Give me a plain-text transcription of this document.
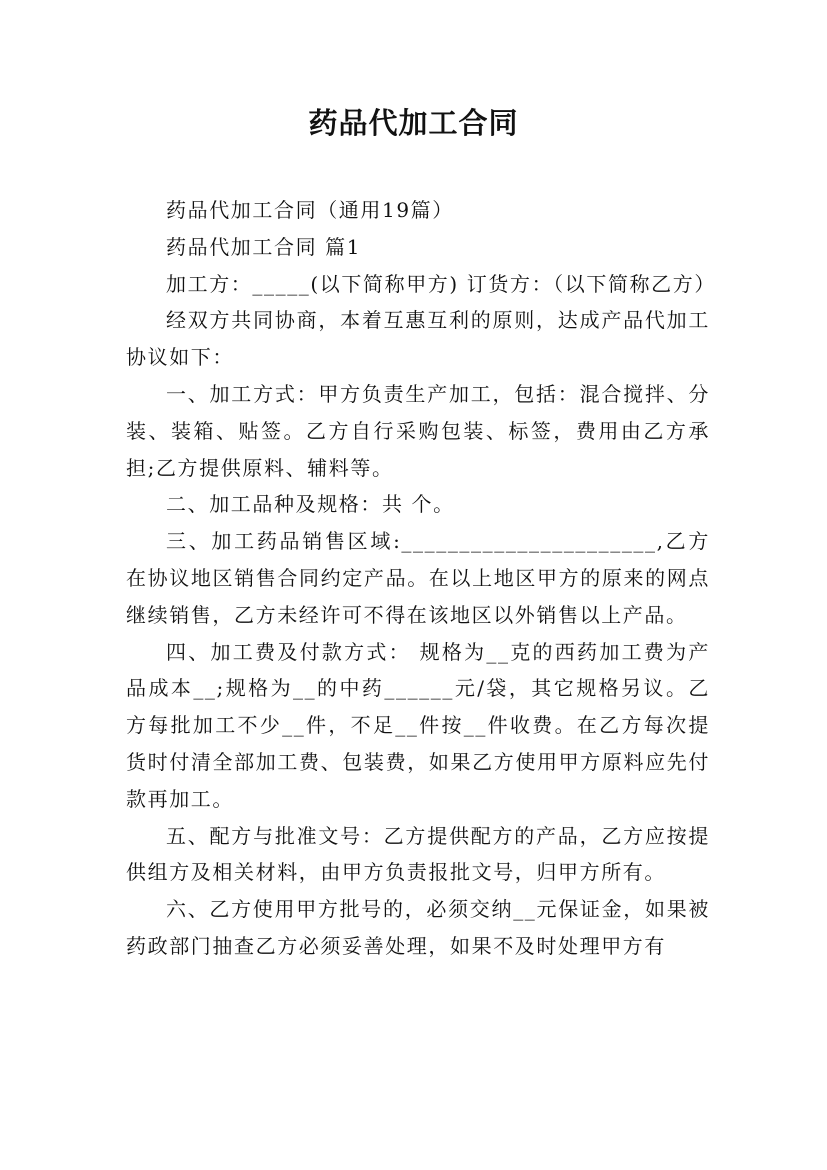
药品代加工合同

药品代加工合同（通用19篇）

药品代加工合同 篇1

加工方：_____(以下简称甲方) 订货方：（以下简称乙方）

经双方共同协商，本着互惠互利的原则，达成产品代加工协议如下：

一、加工方式：甲方负责生产加工，包括：混合搅拌、分装、装箱、贴签。乙方自行采购包装、标签，费用由乙方承担;乙方提供原料、辅料等。

二、加工品种及规格：共 个。

三、加工药品销售区域:______________________,乙方在协议地区销售合同约定产品。在以上地区甲方的原来的网点继续销售，乙方未经许可不得在该地区以外销售以上产品。

四、加工费及付款方式： 规格为__克的西药加工费为产品成本__;规格为__的中药______元/袋，其它规格另议。乙方每批加工不少__件，不足__件按__件收费。在乙方每次提货时付清全部加工费、包装费，如果乙方使用甲方原料应先付款再加工。

五、配方与批准文号：乙方提供配方的产品，乙方应按提供组方及相关材料，由甲方负责报批文号，归甲方所有。

六、乙方使用甲方批号的，必须交纳__元保证金，如果被药政部门抽查乙方必须妥善处理，如果不及时处理甲方有
